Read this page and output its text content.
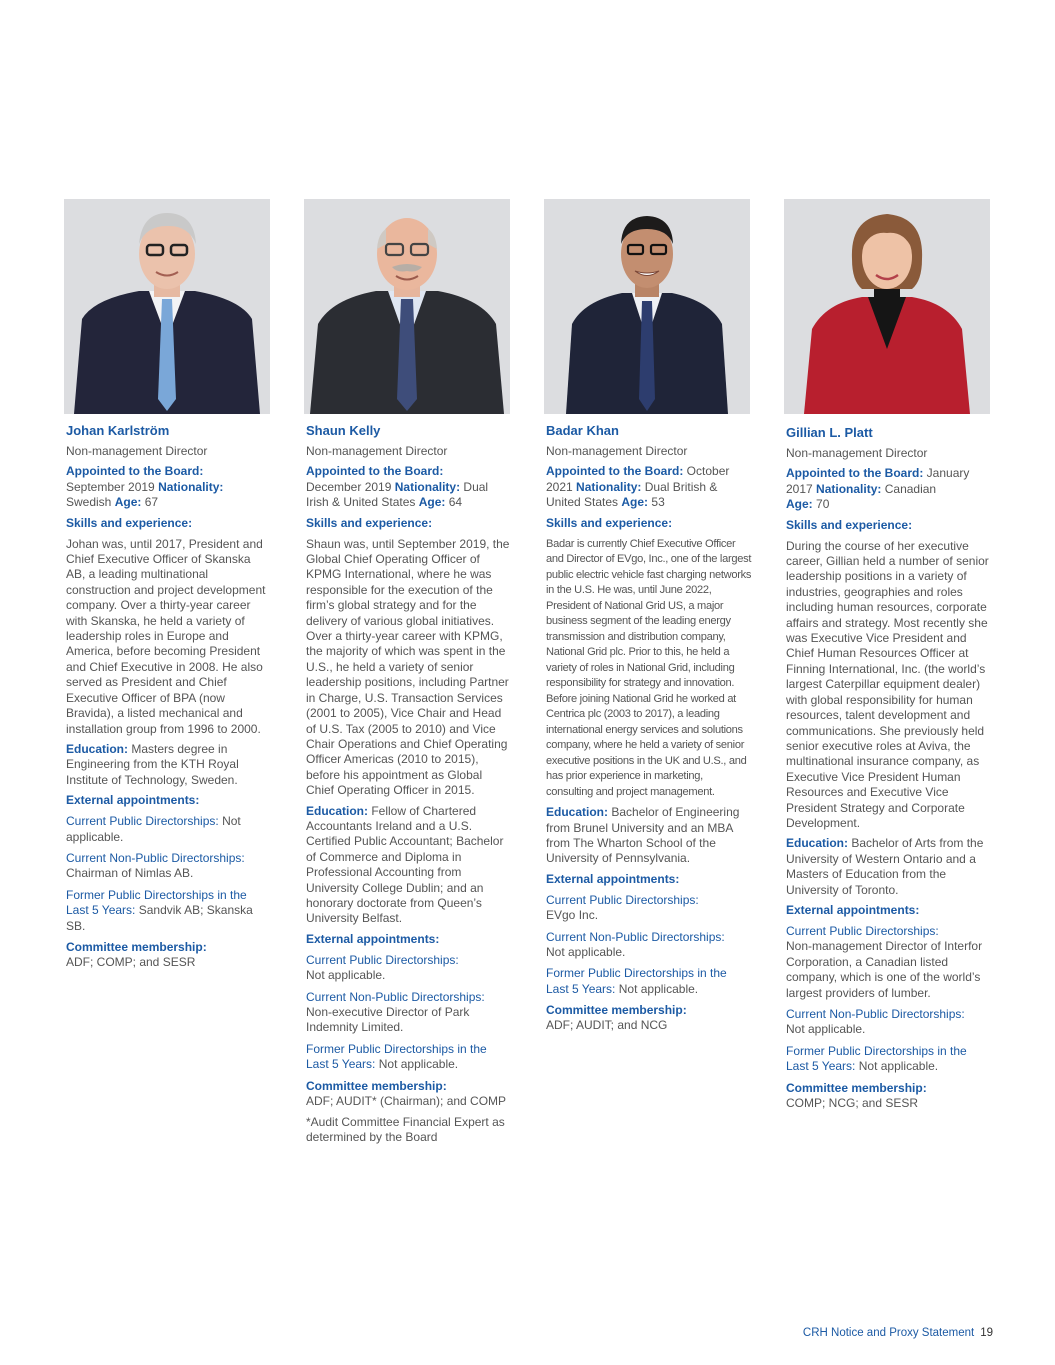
Johan Karlström
Non-management Director
Appointed to the Board:
September 2019 Nationality:
Swedish Age: 67
Skills and experience:
Johan was, until 2017, President and Chief Executive Officer of Skanska AB, a leading multinational construction and project development company. Over a thirty-year career with Skanska, he held a variety of leadership roles in Europe and America, before becoming President and Chief Executive in 2008. He also served as President and Chief Executive Officer of BPA (now Bravida), a listed mechanical and installation group from 1996 to 2000.
Education: Masters degree in Engineering from the KTH Royal Institute of Technology, Sweden.
External appointments:
Current Public Directorships: Not applicable.
Current Non-Public Directorships:
Chairman of Nimlas AB.
Former Public Directorships in the Last 5 Years: Sandvik AB; Skanska SB.
Committee membership:
ADF; COMP; and SESR
Shaun Kelly
Non-management Director
Appointed to the Board:
December 2019 Nationality: Dual Irish & United States Age: 64
Skills and experience:
Shaun was, until September 2019, the Global Chief Operating Officer of KPMG International, where he was responsible for the execution of the firm’s global strategy and for the delivery of various global initiatives. Over a thirty-year career with KPMG, the majority of which was spent in the U.S., he held a variety of senior leadership positions, including Partner in Charge, U.S. Transaction Services (2001 to 2005), Vice Chair and Head of U.S. Tax (2005 to 2010) and Vice Chair Operations and Chief Operating Officer Americas (2010 to 2015), before his appointment as Global Chief Operating Officer in 2015.
Education: Fellow of Chartered Accountants Ireland and a U.S. Certified Public Accountant; Bachelor of Commerce and Diploma in Professional Accounting from University College Dublin; and an honorary doctorate from Queen’s University Belfast.
External appointments:
Current Public Directorships:
Not applicable.
Current Non-Public Directorships:
Non-executive Director of Park Indemnity Limited.
Former Public Directorships in the Last 5 Years: Not applicable.
Committee membership:
ADF; AUDIT* (Chairman); and COMP
*Audit Committee Financial Expert as determined by the Board
Badar Khan
Non-management Director
Appointed to the Board: October 2021 Nationality: Dual British & United States Age: 53
Skills and experience:
Badar is currently Chief Executive Officer and Director of EVgo, Inc., one of the largest public electric vehicle fast charging networks in the U.S. He was, until June 2022, President of National Grid US, a major business segment of the leading energy transmission and distribution company, National Grid plc. Prior to this, he held a variety of roles in National Grid, including responsibility for strategy and innovation. Before joining National Grid he worked at Centrica plc (2003 to 2017), a leading international energy services and solutions company, where he held a variety of senior executive positions in the UK and U.S., and has prior experience in marketing, consulting and project management.
Education: Bachelor of Engineering from Brunel University and an MBA from The Wharton School of the University of Pennsylvania.
External appointments:
Current Public Directorships:
EVgo Inc.
Current Non-Public Directorships:
Not applicable.
Former Public Directorships in the Last 5 Years: Not applicable.
Committee membership:
ADF; AUDIT; and NCG
Gillian L. Platt
Non-management Director
Appointed to the Board: January 2017 Nationality: Canadian
Age: 70
Skills and experience:
During the course of her executive career, Gillian held a number of senior leadership positions in a variety of industries, geographies and roles including human resources, corporate affairs and strategy. Most recently she was Executive Vice President and Chief Human Resources Officer at Finning International, Inc. (the world’s largest Caterpillar equipment dealer) with global responsibility for human resources, talent development and communications. She previously held senior executive roles at Aviva, the multinational insurance company, as Executive Vice President Human Resources and Executive Vice President Strategy and Corporate Development.
Education: Bachelor of Arts from the University of Western Ontario and a Masters of Education from the University of Toronto.
External appointments:
Current Public Directorships:
Non-management Director of Interfor Corporation, a Canadian listed company, which is one of the world’s largest providers of lumber.
Current Non-Public Directorships:
Not applicable.
Former Public Directorships in the Last 5 Years: Not applicable.
Committee membership:
COMP; NCG; and SESR
CRH Notice and Proxy Statement 19
